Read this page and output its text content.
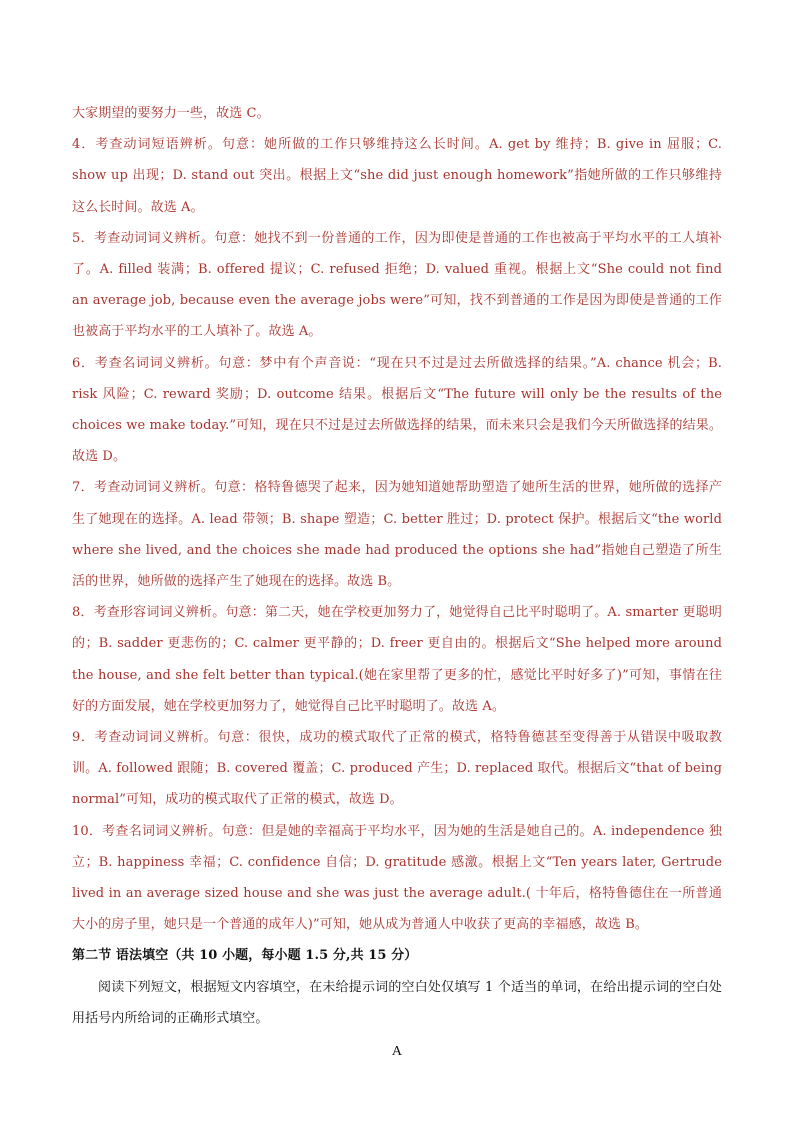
大家期望的要努力一些，故选 C。

4．考查动词短语辨析。句意：她所做的工作只够维持这么长时间。A. get by 维持；B. give in 屈服；C. show up 出现；D. stand out 突出。根据上文“she did just enough homework”指她所做的工作只够维持这么长时间。故选 A。

5．考查动词词义辨析。句意：她找不到一份普通的工作，因为即使是普通的工作也被高于平均水平的工人填补了。A. filled 装满；B. offered 提议；C. refused 拒绝；D. valued 重视。根据上文“She could not find an average job, because even the average jobs were”可知，找不到普通的工作是因为即使是普通的工作也被高于平均水平的工人填补了。故选 A。

6．考查名词词义辨析。句意：梦中有个声音说：“现在只不过是过去所做选择的结果。”A. chance 机会；B. risk 风险；C. reward 奖励；D. outcome 结果。根据后文“The future will only be the results of the choices we make today.”可知，现在只不过是过去所做选择的结果，而未来只会是我们今天所做选择的结果。故选 D。

7．考查动词词义辨析。句意：格特鲁德哭了起来，因为她知道她帮助塑造了她所生活的世界，她所做的选择产生了她现在的选择。A. lead 带领；B. shape 塑造；C. better 胜过；D. protect 保护。根据后文“the world where she lived, and the choices she made had produced the options she had”指她自己塑造了所生活的世界，她所做的选择产生了她现在的选择。故选 B。

8．考查形容词词义辨析。句意：第二天，她在学校更加努力了，她觉得自己比平时聪明了。A. smarter 更聪明的；B. sadder 更悲伤的；C. calmer 更平静的；D. freer 更自由的。根据后文“She helped more around the house, and she felt better than typical.(她在家里帮了更多的忙，感觉比平时好多了)”可知，事情在往好的方面发展，她在学校更加努力了，她觉得自己比平时聪明了。故选 A。

9．考查动词词义辨析。句意：很快，成功的模式取代了正常的模式，格特鲁德甚至变得善于从错误中吸取教训。A. followed 跟随；B. covered 覆盖；C. produced 产生；D. replaced 取代。根据后文“that of being normal”可知，成功的模式取代了正常的模式，故选 D。

10．考查名词词义辨析。句意：但是她的幸福高于平均水平，因为她的生活是她自己的。A. independence 独立；B. happiness 幸福；C. confidence 自信；D. gratitude 感激。根据上文“Ten years later, Gertrude lived in an average sized house and she was just the average adult.( 十年后，格特鲁德住在一所普通大小的房子里，她只是一个普通的成年人)”可知，她从成为普通人中收获了更高的幸福感，故选 B。

第二节 语法填空（共 10 小题，每小题 1.5 分,共 15 分）

阅读下列短文，根据短文内容填空，在未给提示词的空白处仅填写 1 个适当的单词，在给出提示词的空白处用括号内所给词的正确形式填空。

A
